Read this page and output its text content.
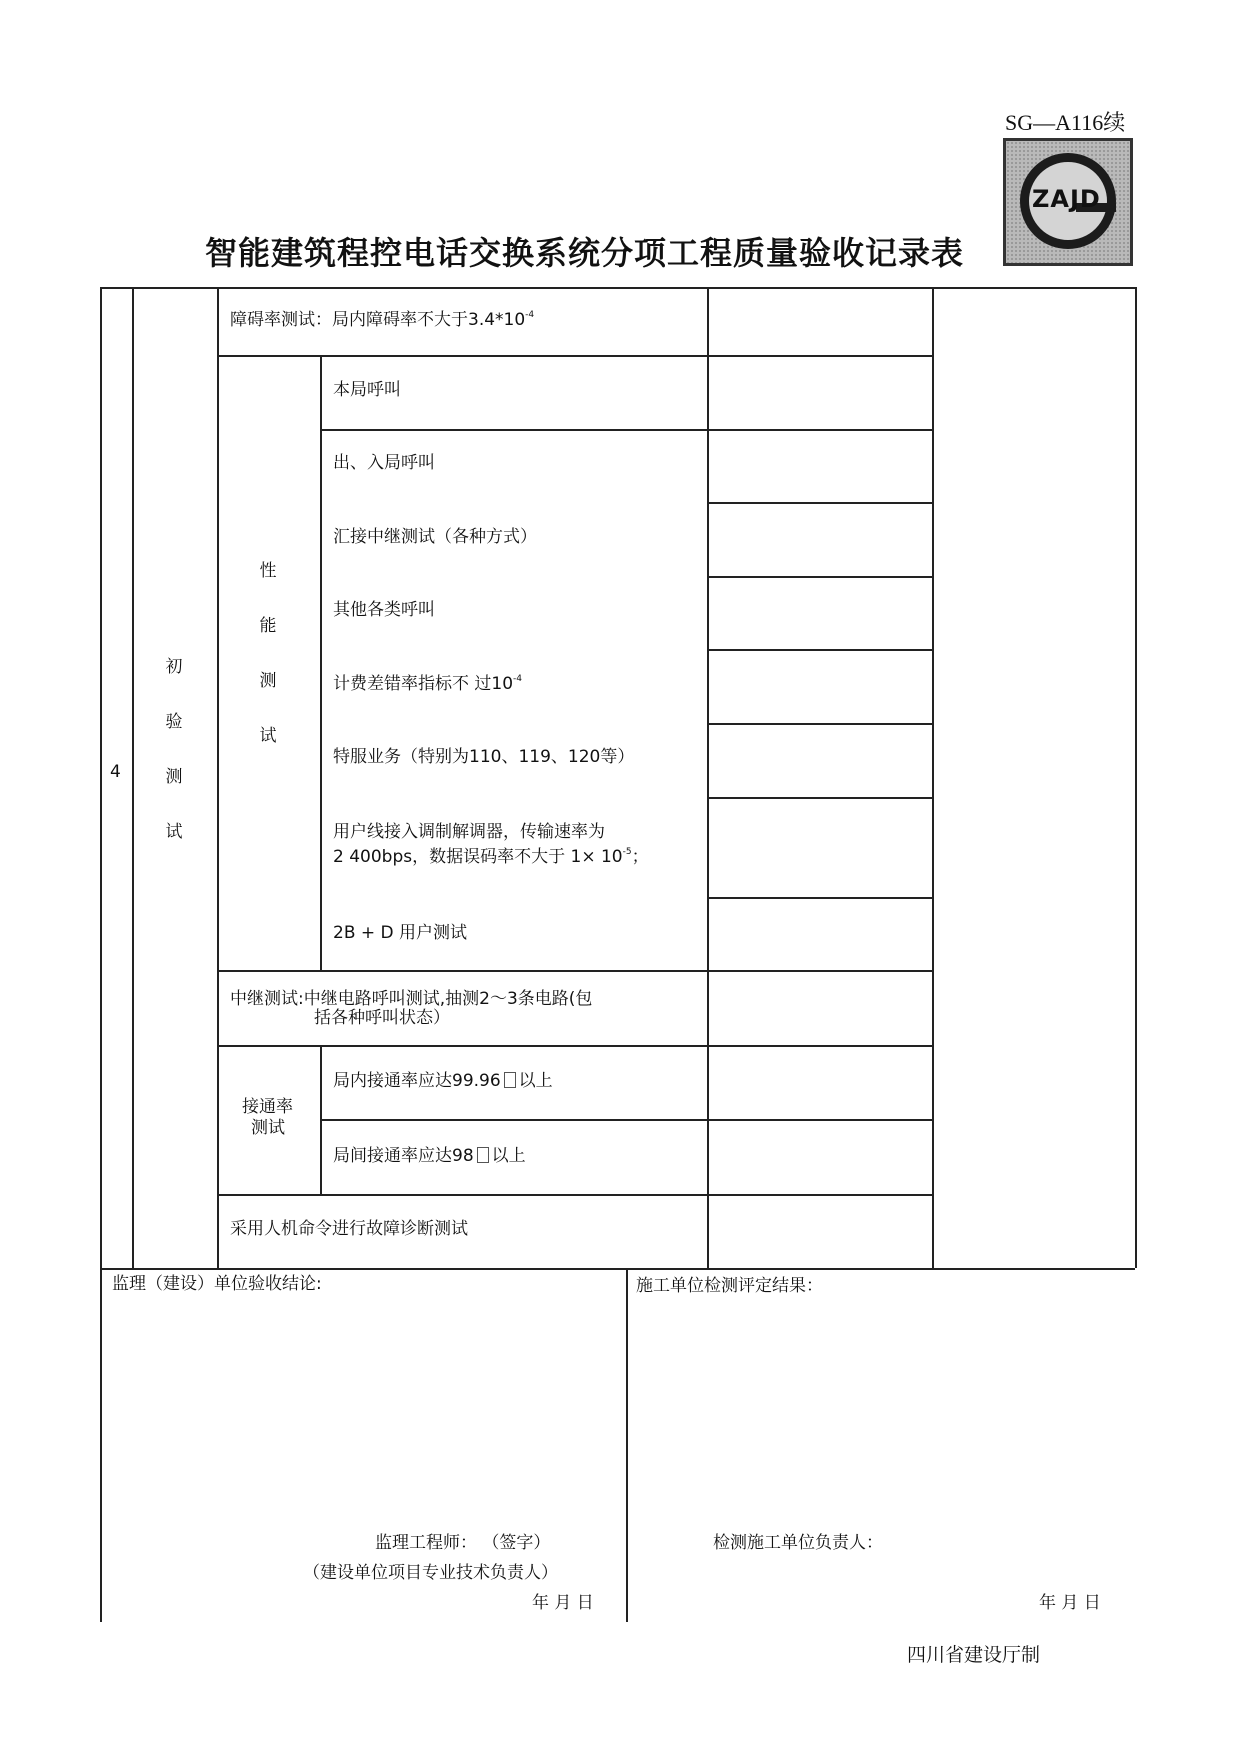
SG—A116续
ZAJD
智能建筑程控电话交换系统分项工程质量验收记录表
4
初
验
测
试
性
能
测
试
障碍率测试：局内障碍率不大于$3.4*10^{-4}$
本局呼叫
出、入局呼叫
汇接中继测试（各种方式）
其他各类呼叫
计费差错率指标不 过$10^{-4}$
特服业务（特别为110、119、120等）
用户线接入调制解调器，传输速率为
2 400bps，数据误码率不大于 $1\times 10^{-5}$；
2B + D 用户测试
中继测试:中继电路呼叫测试,抽测2～3条电路(包
括各种呼叫状态）
接通率
测试
局内接通率应达99.96 以上
局间接通率应达98 以上
采用人机命令进行故障诊断测试
监理（建设）单位验收结论:
监理工程师： （签字）
（建设单位项目专业技术负责人）
年 月 日
施工单位检测评定结果：
检测施工单位负责人：
年 月 日
四川省建设厅制
